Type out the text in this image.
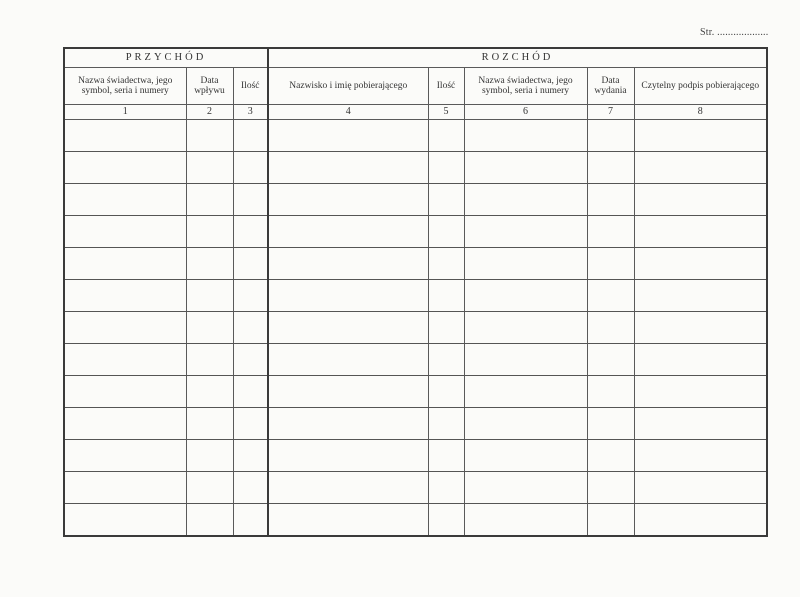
Str. ...................
PRZYCHÓD			ROZCHÓD				
Nazwa świadectwa, jego symbol, seria i numery	Data wpływu	Ilość	Nazwisko i imię pobierającego	Ilość	Nazwa świadectwa, jego symbol, seria i numery	Data wydania	Czytelny podpis pobierającego
1	2	3	4	5	6	7	8
